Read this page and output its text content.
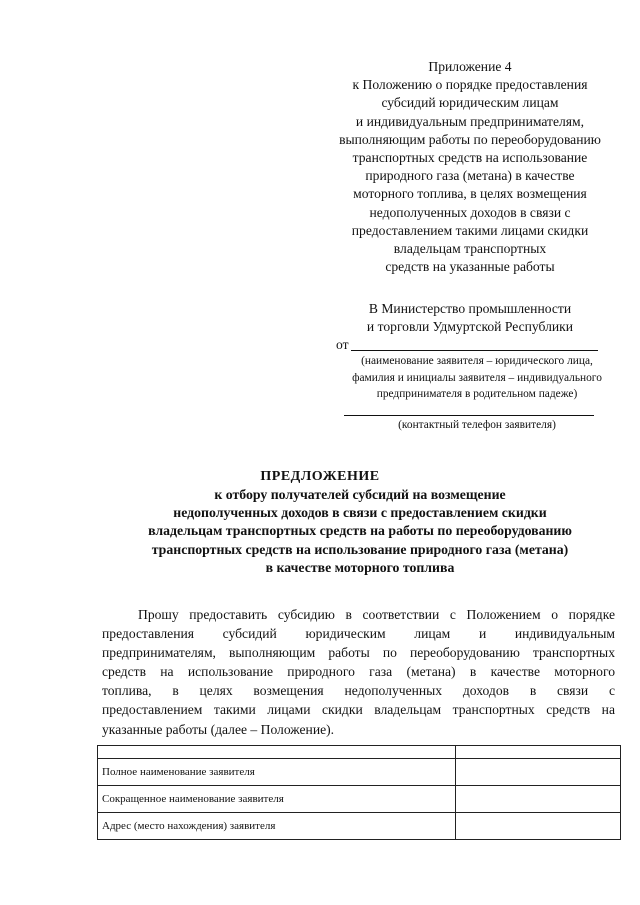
Приложение 4
к Положению о порядке предоставления
субсидий юридическим лицам
и индивидуальным предпринимателям,
выполняющим работы по переоборудованию
транспортных средств на использование
природного газа (метана) в качестве
моторного топлива, в целях возмещения
недополученных доходов в связи с
предоставлением такими лицами скидки
владельцам транспортных
средств на указанные работы
В Министерство промышленности
и торговли Удмуртской Республики
от
(наименование заявителя – юридического лица,
фамилия и инициалы заявителя – индивидуального
предпринимателя в родительном падеже)
(контактный телефон заявителя)
ПРЕДЛОЖЕНИЕ
к отбору получателей субсидий на возмещение
недополученных доходов в связи с предоставлением скидки
владельцам транспортных средств на работы по переоборудованию
транспортных средств на использование природного газа (метана)
в качестве моторного топлива
Прошу предоставить субсидию в соответствии с Положением о порядке
предоставления субсидий юридическим лицам и индивидуальным
предпринимателям, выполняющим работы по переоборудованию транспортных
средств на использование природного газа (метана) в качестве моторного
топлива, в целях возмещения недополученных доходов в связи с
предоставлением такими лицами скидки владельцам транспортных средств на
указанные работы (далее – Положение).

Полное наименование заявителя	
Сокращенное наименование заявителя	
Адрес (место нахождения) заявителя	
